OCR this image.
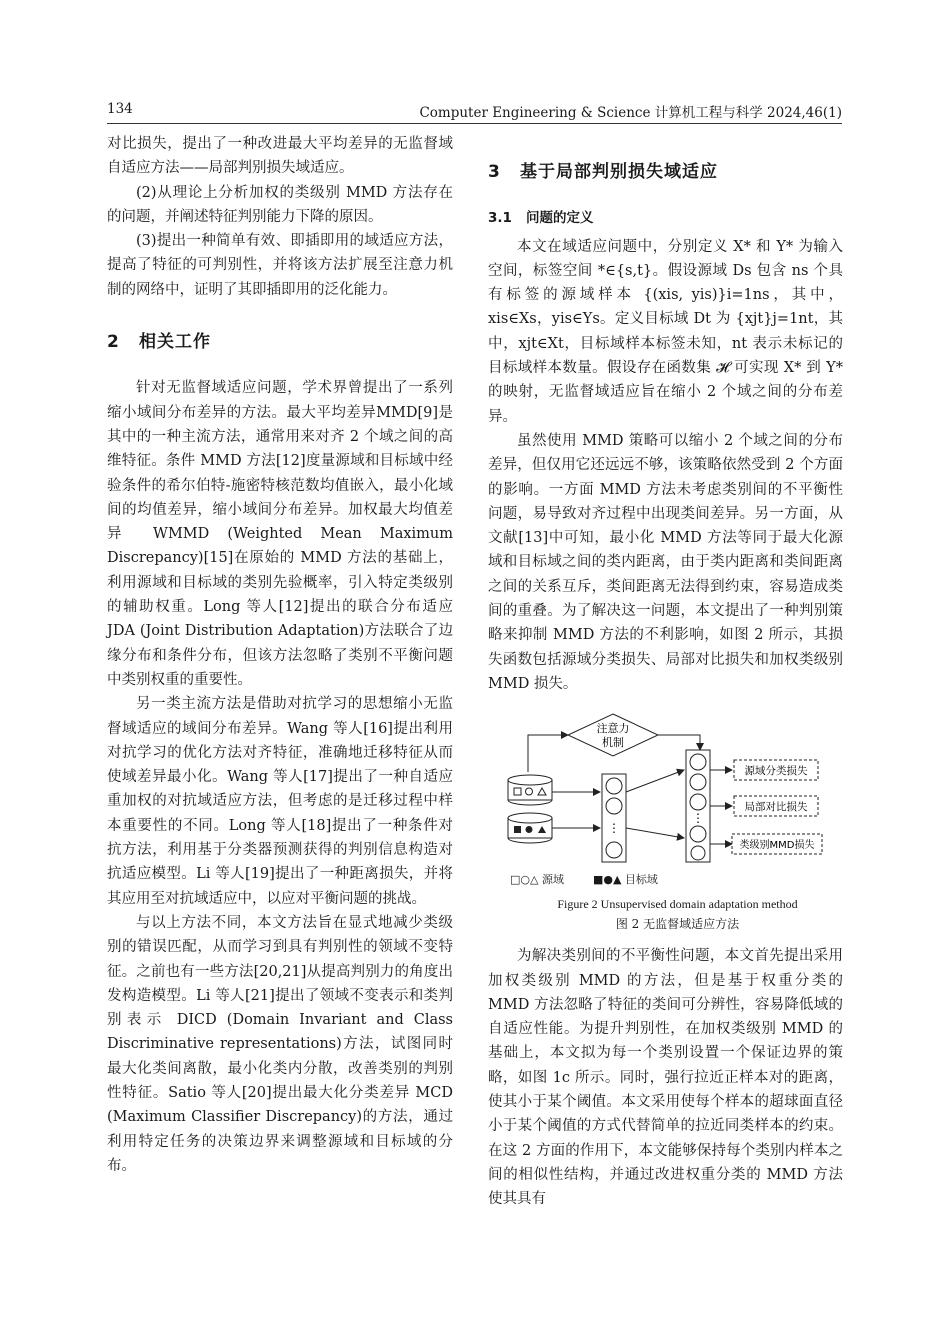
134	Computer Engineering & Science 计算机工程与科学 2024,46(1)

对比损失，提出了一种改进最大平均差异的无监督域自适应方法——局部判别损失域适应。

(2)从理论上分析加权的类级别 MMD 方法存在的问题，并阐述特征判别能力下降的原因。

(3)提出一种简单有效、即插即用的域适应方法，提高了特征的可判别性，并将该方法扩展至注意力机制的网络中，证明了其即插即用的泛化能力。

2 相关工作

针对无监督域适应问题，学术界曾提出了一系列缩小域间分布差异的方法。最大平均差异MMD[9]是其中的一种主流方法，通常用来对齐 2 个域之间的高维特征。条件 MMD 方法[12]度量源域和目标域中经验条件的希尔伯特-施密特核范数均值嵌入，最小化域间的均值差异，缩小域间分布差异。加权最大均值差异 WMMD (Weighted Mean Maximum Discrepancy)[15]在原始的 MMD 方法的基础上，利用源域和目标域的类别先验概率，引入特定类级别的辅助权重。Long 等人[12]提出的联合分布适应 JDA (Joint Distribution Adaptation)方法联合了边缘分布和条件分布，但该方法忽略了类别不平衡问题中类别权重的重要性。

另一类主流方法是借助对抗学习的思想缩小无监督域适应的域间分布差异。Wang 等人[16]提出利用对抗学习的优化方法对齐特征，准确地迁移特征从而使域差异最小化。Wang 等人[17]提出了一种自适应重加权的对抗域适应方法，但考虑的是迁移过程中样本重要性的不同。Long 等人[18]提出了一种条件对抗方法，利用基于分类器预测获得的判别信息构造对抗适应模型。Li 等人[19]提出了一种距离损失，并将其应用至对抗域适应中，以应对平衡问题的挑战。

与以上方法不同，本文方法旨在显式地减少类级别的错误匹配，从而学习到具有判别性的领域不变特征。之前也有一些方法[20,21]从提高判别力的角度出发构造模型。Li 等人[21]提出了领域不变表示和类判别表示 DICD (Domain Invariant and Class Discriminative representations)方法，试图同时最大化类间离散，最小化类内分散，改善类别的判别性特征。Satio 等人[20]提出最大化分类差异 MCD (Maximum Classifier Discrepancy)的方法，通过利用特定任务的决策边界来调整源域和目标域的分布。

3 基于局部判别损失域适应
3.1 问题的定义

本文在域适应问题中，分别定义 X* 和 Y* 为输入空间，标签空间 *∈{s,t}。假设源域 Ds 包含 ns 个具有标签的源域样本 {(xis, yis)}i=1ns，其中，xis∈Xs，yis∈Ys。定义目标域 Dt 为 {xjt}j=1nt，其中，xjt∈Xt，目标域样本标签未知，nt 表示未标记的目标域样本数量。假设存在函数集 𝓗 可实现 X* 到 Y* 的映射，无监督域适应旨在缩小 2 个域之间的分布差异。

虽然使用 MMD 策略可以缩小 2 个域之间的分布差异，但仅用它还远远不够，该策略依然受到 2 个方面的影响。一方面 MMD 方法未考虑类别间的不平衡性问题，易导致对齐过程中出现类间差异。另一方面，从文献[13]中可知，最小化 MMD 方法等同于最大化源域和目标域之间的类内距离，由于类内距离和类间距离之间的关系互斥，类间距离无法得到约束，容易造成类间的重叠。为了解决这一问题，本文提出了一种判别策略来抑制 MMD 方法的不利影响，如图 2 所示，其损失函数包括源域分类损失、局部对比损失和加权类级别 MMD 损失。

注意力
机制
⋮
⋮
源域分类损失
局部对比损失
类级别MMD损失
□○△ 源域	■●▲ 目标域

Figure 2 Unsupervised domain adaptation method

图 2 无监督域适应方法

为解决类别间的不平衡性问题，本文首先提出采用加权类级别 MMD 的方法，但是基于权重分类的 MMD 方法忽略了特征的类间可分辨性，容易降低域的自适应性能。为提升判别性，在加权类级别 MMD 的基础上，本文拟为每一个类别设置一个保证边界的策略，如图 1c 所示。同时，强行拉近正样本对的距离，使其小于某个阈值。本文采用使每个样本的超球面直径小于某个阈值的方式代替简单的拉近同类样本的约束。在这 2 方面的作用下，本文能够保持每个类别内样本之间的相似性结构，并通过改进权重分类的 MMD 方法使其具有
